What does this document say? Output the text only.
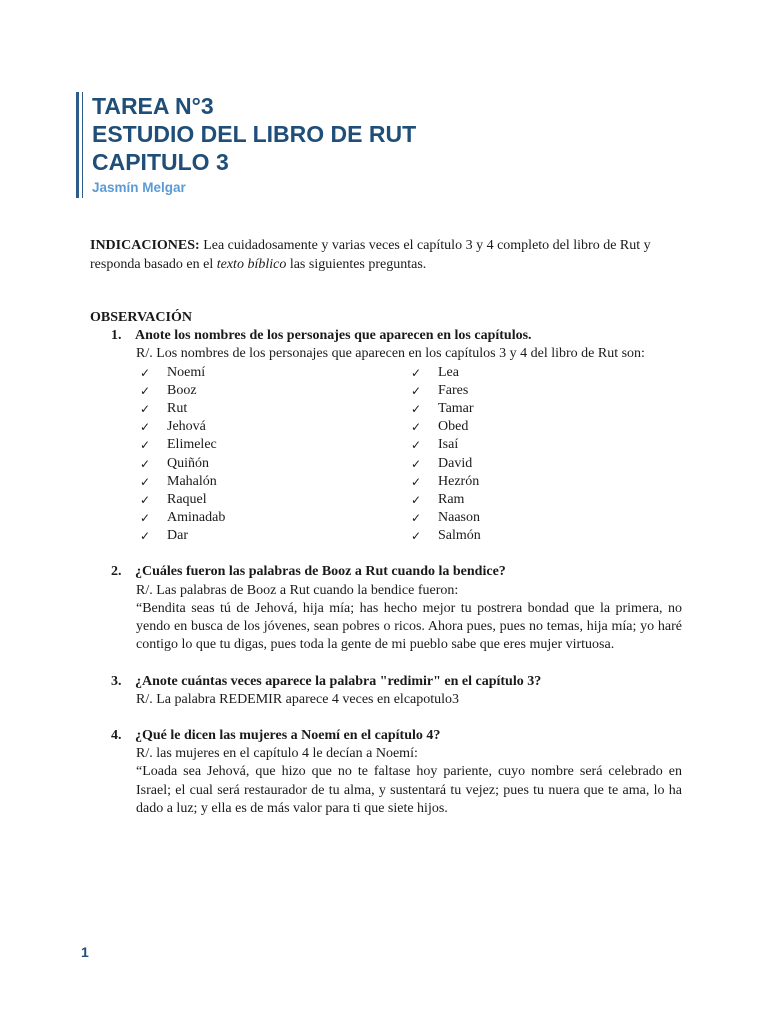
TAREA N°3
ESTUDIO DEL LIBRO DE RUT
CAPITULO 3
Jasmín Melgar
INDICACIONES: Lea cuidadosamente y varias veces el capítulo 3 y 4 completo del libro de Rut y responda basado en el texto bíblico las siguientes preguntas.
OBSERVACIÓN
1. Anote los nombres de los personajes que aparecen en los capítulos.
R/. Los nombres de los personajes que aparecen en los capítulos 3 y 4 del libro de Rut son:
✓	Noemí
✓	Booz
✓	Rut
✓	Jehová
✓	Elimelec
✓	Quiñón
✓	Mahalón
✓	Raquel
✓	Aminadab
✓	Dar
✓	Lea
✓	Fares
✓	Tamar
✓	Obed
✓	Isaí
✓	David
✓	Hezrón
✓	Ram
✓	Naason
✓	Salmón
2. ¿Cuáles fueron las palabras de Booz a Rut cuando la bendice?
R/. Las palabras de Booz a Rut cuando la bendice fueron:
“Bendita seas tú de Jehová, hija mía; has hecho mejor tu postrera bondad que la primera, no yendo en busca de los jóvenes, sean pobres o ricos. Ahora pues, pues no temas, hija mía; yo haré contigo lo que tu digas, pues toda la gente de mi pueblo sabe que eres mujer virtuosa.
3. ¿Anote cuántas veces aparece la palabra "redimir" en el capítulo 3?
R/. La palabra REDEMIR aparece 4 veces en elcapotulo3
4. ¿Qué le dicen las mujeres a Noemí en el capítulo 4?
R/. las mujeres en el capítulo 4 le decían a Noemí:
“Loada sea Jehová, que hizo que no te faltase hoy pariente, cuyo nombre será celebrado en Israel; el cual será restaurador de tu alma, y sustentará tu vejez; pues tu nuera que te ama, lo ha dado a luz; y ella es de más valor para ti que siete hijos.
1
